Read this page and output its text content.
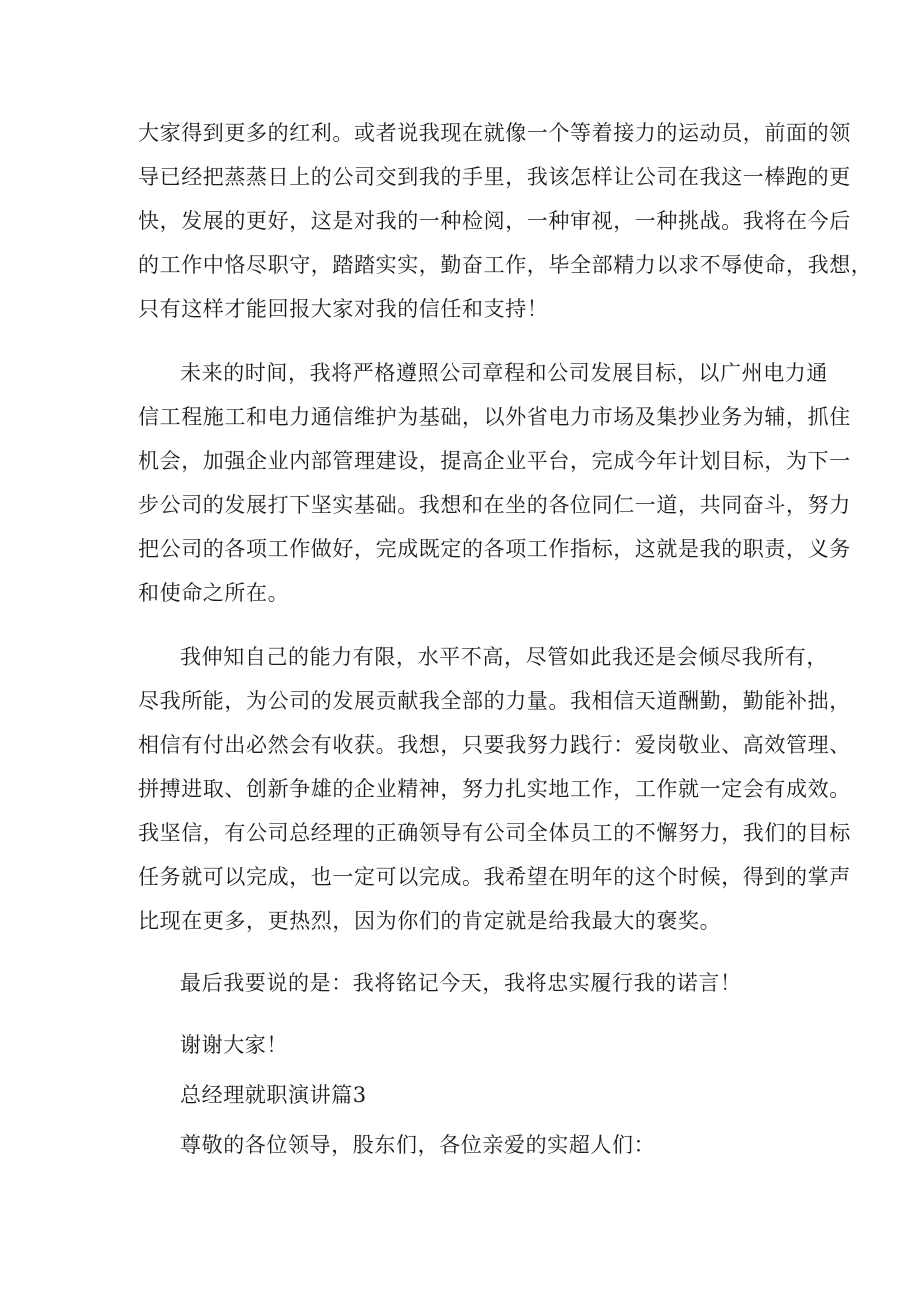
大家得到更多的红利。或者说我现在就像一个等着接力的运动员，前面的领
导已经把蒸蒸日上的公司交到我的手里，我该怎样让公司在我这一棒跑的更
快，发展的更好，这是对我的一种检阅，一种审视，一种挑战。我将在今后
的工作中恪尽职守，踏踏实实，勤奋工作，毕全部精力以求不辱使命，我想，
只有这样才能回报大家对我的信任和支持！
未来的时间，我将严格遵照公司章程和公司发展目标，以广州电力通
信工程施工和电力通信维护为基础，以外省电力市场及集抄业务为辅，抓住
机会，加强企业内部管理建设，提高企业平台，完成今年计划目标，为下一
步公司的发展打下坚实基础。我想和在坐的各位同仁一道，共同奋斗，努力
把公司的各项工作做好，完成既定的各项工作指标，这就是我的职责，义务
和使命之所在。
我伸知自己的能力有限，水平不高，尽管如此我还是会倾尽我所有，
尽我所能，为公司的发展贡献我全部的力量。我相信天道酬勤，勤能补拙，
相信有付出必然会有收获。我想，只要我努力践行：爱岗敬业、高效管理、
拼搏进取、创新争雄的企业精神，努力扎实地工作，工作就一定会有成效。
我坚信，有公司总经理的正确领导有公司全体员工的不懈努力，我们的目标
任务就可以完成，也一定可以完成。我希望在明年的这个时候，得到的掌声
比现在更多，更热烈，因为你们的肯定就是给我最大的褒奖。
最后我要说的是：我将铭记今天，我将忠实履行我的诺言！
谢谢大家！
总经理就职演讲篇3
尊敬的各位领导，股东们，各位亲爱的实超人们：
